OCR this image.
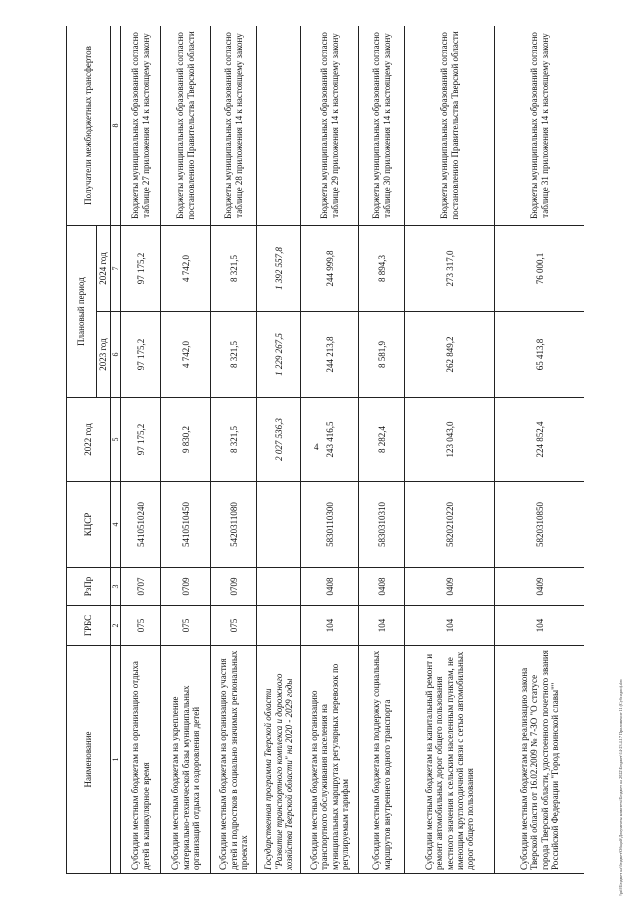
4
Наименование	ГРБС	РзПр	КЦСР	2022 год	Плановый период		Получатели межбюджетных трансфертов
					2023 год	2024 год	
1	2	3	4	5	6	7	8
Субсидии местным бюджетам на организацию отдыха детей в каникулярное время	075	0707	5410510240	97 175,2	97 175,2	97 175,2	Бюджеты муниципальных образований согласно таблице 27 приложения 14 к настоящему закону
Субсидии местным бюджетам на укрепление материально-технической базы муниципальных организаций отдыха и оздоровления детей	075	0709	5410510450	9 830,2	4 742,0	4 742,0	Бюджеты муниципальных образований согласно постановлению Правительства Тверской области
Субсидии местным бюджетам на организацию участия детей и подростков в социально значимых региональных проектах	075	0709	5420311080	8 321,5	8 321,5	8 321,5	Бюджеты муниципальных образований согласно таблице 28 приложения 14 к настоящему закону
Государственная программа Тверской области "Развитие транспортного комплекса и дорожного хозяйства Тверской области" на 2020 - 2029 годы				2 027 536,3	1 229 267,5	1 392 557,8	
Субсидии местным бюджетам на организацию транспортного обслуживания населения на муниципальных маршрутах регулярных перевозок по регулируемым тарифам	104	0408	5830110300	243 416,5	244 213,8	244 999,8	Бюджеты муниципальных образований согласно таблице 29 приложения 14 к настоящему закону
Субсидии местным бюджетам на поддержку социальных маршрутов внутреннего водного транспорта	104	0408	5830310310	8 282,4	8 581,9	8 894,3	Бюджеты муниципальных образований согласно таблице 30 приложения 14 к настоящему закону
Субсидии местным бюджетам на капитальный ремонт и ремонт автомобильных дорог общего пользования местного значения к сельским населенным пунктам, не имеющим круглогодичной связи с сетью автомобильных дорог общего пользования	104	0409	5820210220	123 043,0	262 849,2	273 317,0	Бюджеты муниципальных образований согласно постановлению Правительства Тверской области
Субсидии местным бюджетам на реализацию закона Тверской области от 16.02.2009 № 7-ЗО "О статусе города Тверской области, удостоенного почетного звания Российской Федерации "Город воинской славы""	104	0409	5820310850	224 852,4	65 413,8	76 000,1	Бюджеты муниципальных образований согласно таблице 31 приложения 14 к настоящему закону
\\pdf\Бюджет на\бюджет\Общий\Документы комитета\Бюджет на 2022\Бюджет\14-23.4.17 Приложение 11 (Субсидии).doc
